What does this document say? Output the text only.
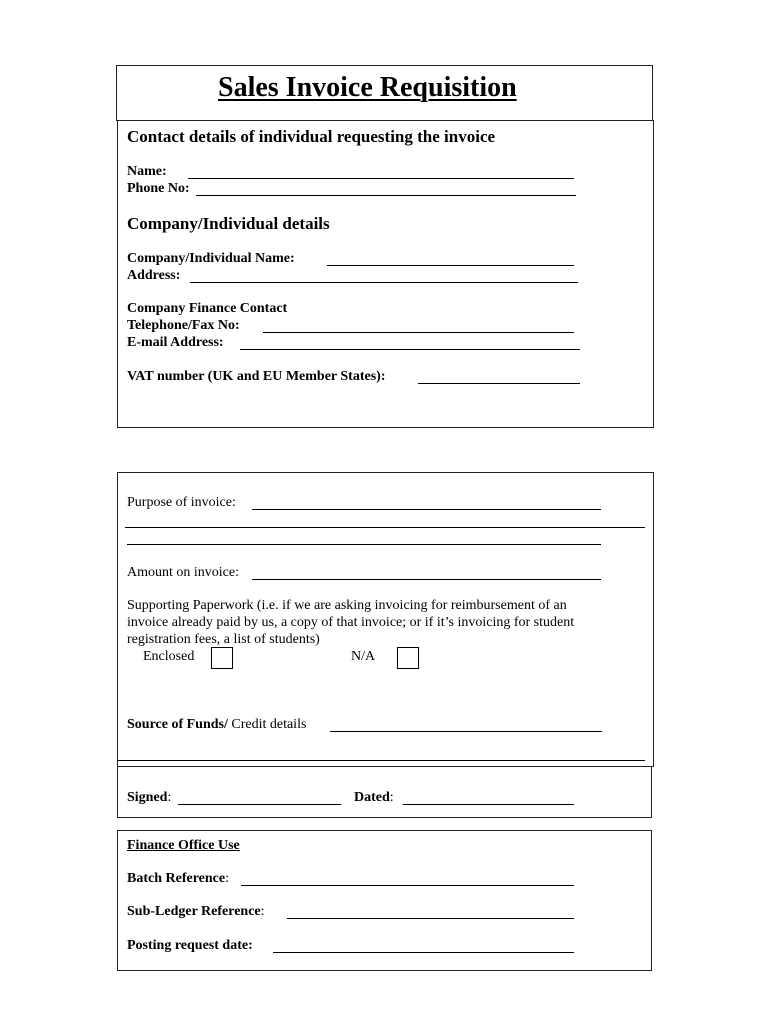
Sales Invoice Requisition
Contact details of individual requesting the invoice
Name:
Phone No:
Company/Individual details
Company/Individual Name:
Address:
Company Finance Contact
Telephone/Fax No:
E-mail Address:
VAT number (UK and EU Member States):
Purpose of invoice:
Amount on invoice:
Supporting Paperwork (i.e. if we are asking invoicing for reimbursement of an
invoice already paid by us, a copy of that invoice; or if it’s invoicing for student
registration fees, a list of students)
Enclosed	N/A
Source of Funds/ Credit details
Signed:	Dated:
Finance Office Use
Batch Reference:
Sub-Ledger Reference:
Posting request date:
